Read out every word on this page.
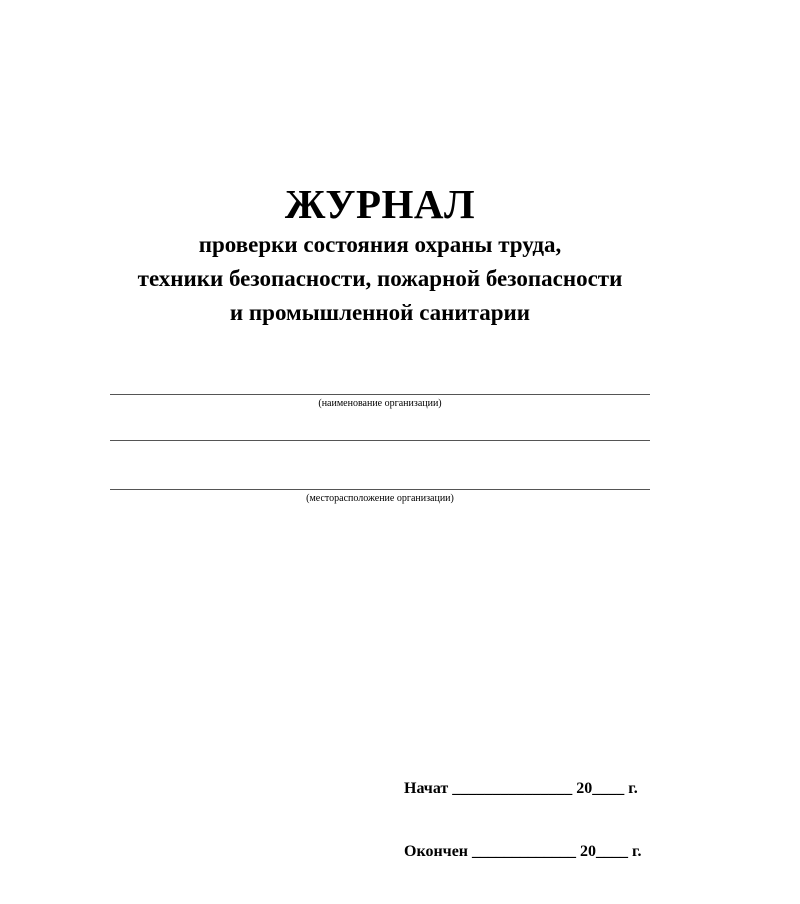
ЖУРНАЛ
проверки состояния охраны труда,
техники безопасности, пожарной безопасности
и промышленной санитарии
(наименование организации)
(месторасположение организации)

Начат _______________ 20____ г.

Окончен _____________ 20____ г.
